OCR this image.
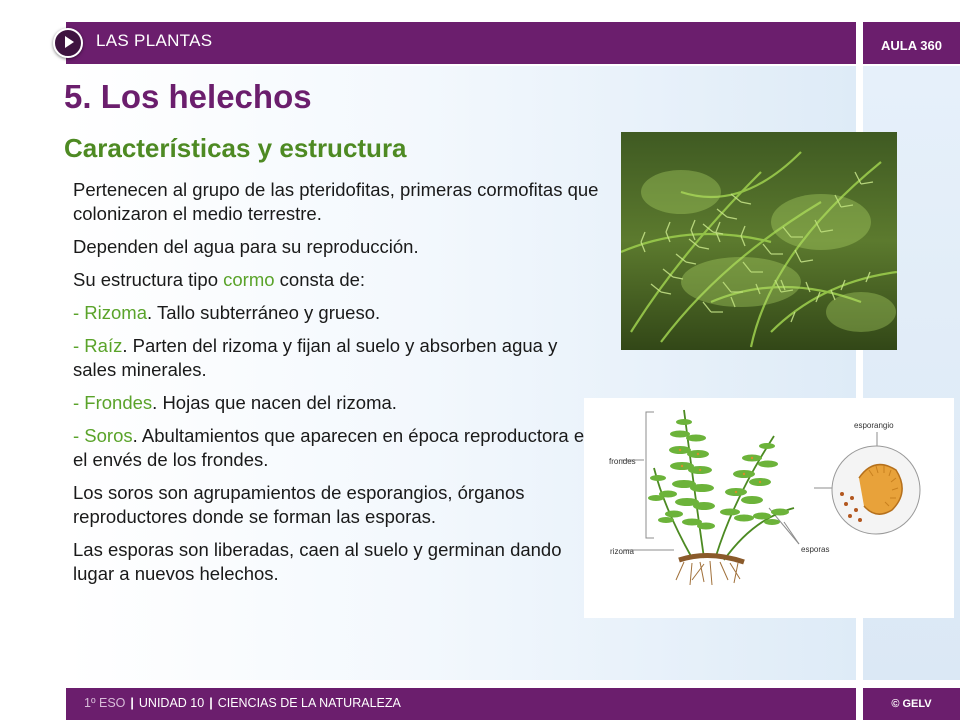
LAS PLANTAS	AULA 360
5. Los helechos
Características y estructura

Pertenecen al grupo de las pteridofitas, primeras cormofitas que colonizaron el medio terrestre.

Dependen del agua para su reproducción.

Su estructura tipo cormo consta de:

- Rizoma. Tallo subterráneo y grueso.

- Raíz. Parten del rizoma y fijan al suelo y absorben agua y sales minerales.

- Frondes. Hojas que nacen del rizoma.

- Soros. Abultamientos que aparecen en época reproductora en el envés de los frondes.

Los soros son agrupamientos de esporangios, órganos reproductores donde se forman las esporas.

Las esporas son liberadas, caen al suelo y germinan dando lugar a nuevos helechos.

frondes
rizoma	esporas
esporangio
1º ESO | UNIDAD 10 | CIENCIAS DE LA NATURALEZA	© GELV
